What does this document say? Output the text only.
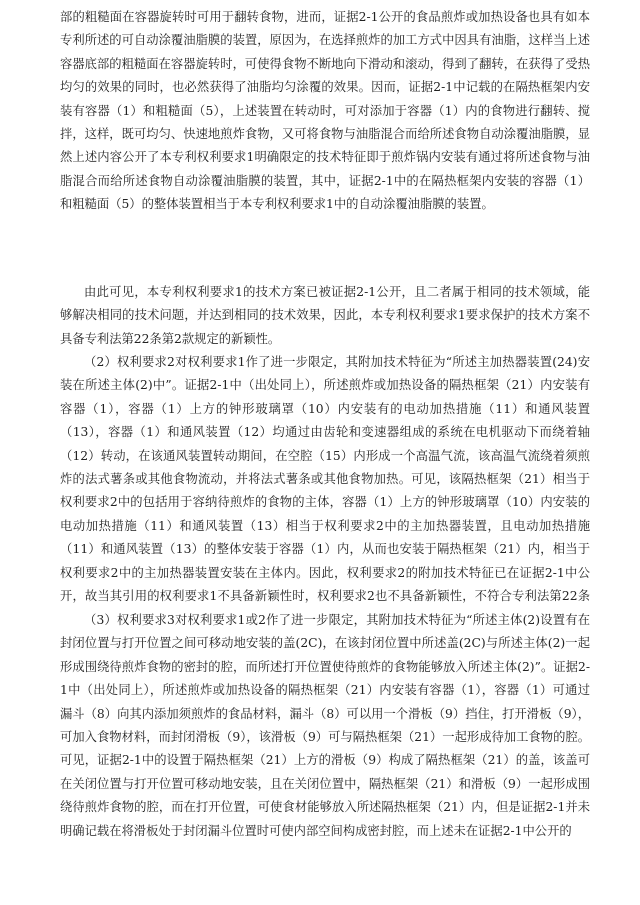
部的粗糙面在容器旋转时可用于翻转食物，进而，证据2-1公开的食品煎炸或加热设备也具有如本专利所述的可自动涂覆油脂膜的装置，原因为，在选择煎炸的加工方式中因具有油脂，这样当上述容器底部的粗糙面在容器旋转时，可使得食物不断地向下滑动和滚动，得到了翻转，在获得了受热均匀的效果的同时，也必然获得了油脂均匀涂覆的效果。因而，证据2-1中记载的在隔热框架内安装有容器（1）和粗糙面（5），上述装置在转动时，可对添加于容器（1）内的食物进行翻转、搅拌，这样，既可均匀、快速地煎炸食物，又可将食物与油脂混合而给所述食物自动涂覆油脂膜，显然上述内容公开了本专利权利要求1明确限定的技术特征即于煎炸锅内安装有通过将所述食物与油脂混合而给所述食物自动涂覆油脂膜的装置，其中，证据2-1中的在隔热框架内安装的容器（1）和粗糙面（5）的整体装置相当于本专利权利要求1中的自动涂覆油脂膜的装置。

由此可见，本专利权利要求1的技术方案已被证据2-1公开，且二者属于相同的技术领域，能够解决相同的技术问题，并达到相同的技术效果，因此，本专利权利要求1要求保护的技术方案不具备专利法第22条第2款规定的新颖性。

（2）权利要求2对权利要求1作了进一步限定，其附加技术特征为“所述主加热器装置(24)安装在所述主体(2)中”。证据2-1中（出处同上），所述煎炸或加热设备的隔热框架（21）内安装有容器（1），容器（1）上方的钟形玻璃罩（10）内安装有的电动加热措施（11）和通风装置（13），容器（1）和通风装置（12）均通过由齿轮和变速器组成的系统在电机驱动下而绕着轴（12）转动，在该通风装置转动期间，在空腔（15）内形成一个高温气流，该高温气流绕着须煎炸的法式薯条或其他食物流动，并将法式薯条或其他食物加热。可见，该隔热框架（21）相当于权利要求2中的包括用于容纳待煎炸的食物的主体，容器（1）上方的钟形玻璃罩（10）内安装的电动加热措施（11）和通风装置（13）相当于权利要求2中的主加热器装置，且电动加热措施（11）和通风装置（13）的整体安装于容器（1）内，从而也安装于隔热框架（21）内，相当于权利要求2中的主加热器装置安装在主体内。因此，权利要求2的附加技术特征已在证据2-1中公开，故当其引用的权利要求1不具备新颖性时，权利要求2也不具备新颖性，不符合专利法第22条

（3）权利要求3对权利要求1或2作了进一步限定，其附加技术特征为“所述主体(2)设置有在封闭位置与打开位置之间可移动地安装的盖(2C)，在该封闭位置中所述盖(2C)与所述主体(2)一起形成围绕待煎炸食物的密封的腔，而所述打开位置使待煎炸的食物能够放入所述主体(2)”。证据2-1中（出处同上），所述煎炸或加热设备的隔热框架（21）内安装有容器（1），容器（1）可通过漏斗（8）向其内添加须煎炸的食品材料，漏斗（8）可以用一个滑板（9）挡住，打开滑板（9），可加入食物材料，而封闭滑板（9），该滑板（9）可与隔热框架（21）一起形成待加工食物的腔。可见，证据2-1中的设置于隔热框架（21）上方的滑板（9）构成了隔热框架（21）的盖，该盖可在关闭位置与打开位置可移动地安装，且在关闭位置中，隔热框架（21）和滑板（9）一起形成围绕待煎炸食物的腔，而在打开位置，可使食材能够放入所述隔热框架（21）内，但是证据2-1并未明确记载在将滑板处于封闭漏斗位置时可使内部空间构成密封腔，而上述未在证据2-1中公开的
